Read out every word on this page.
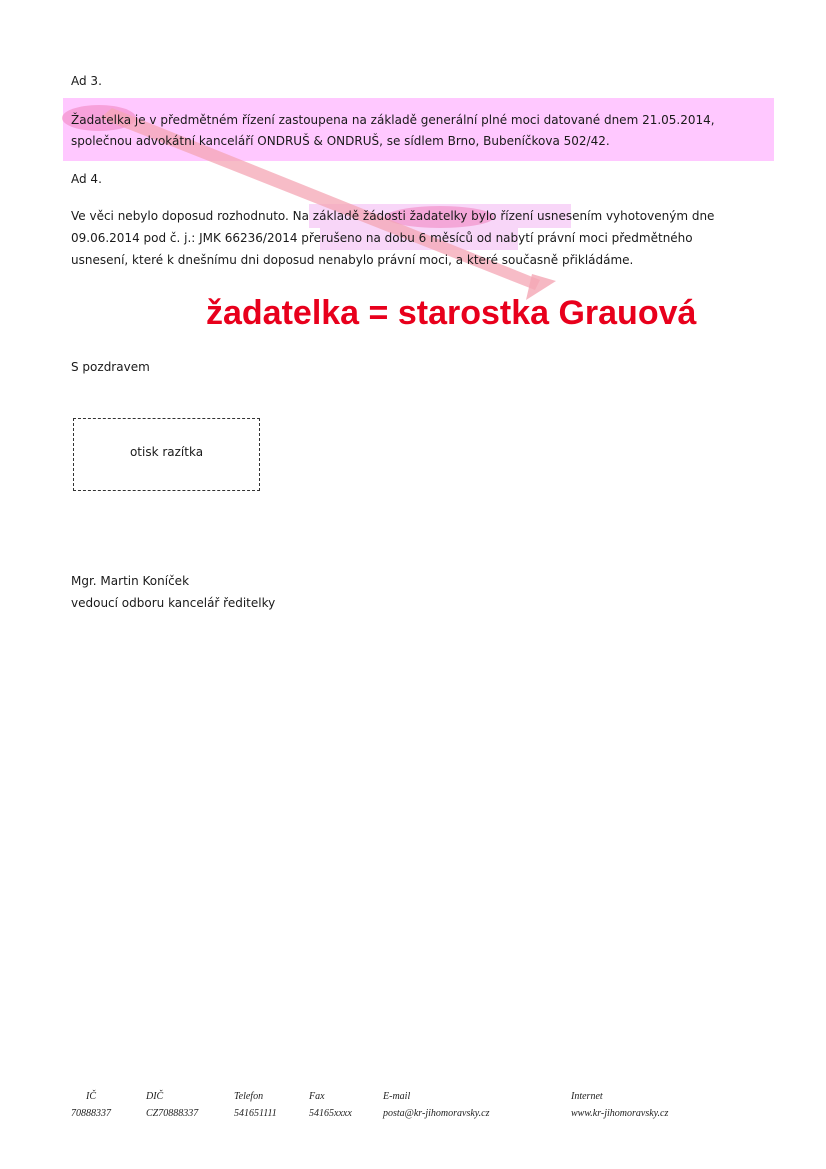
Ad 3.
Žadatelka je v předmětném řízení zastoupena na základě generální plné moci datované dnem 21.05.2014,
společnou advokátní kanceláří ONDRUŠ & ONDRUŠ, se sídlem Brno, Bubeníčkova 502/42.
Ad 4.
Ve věci nebylo doposud rozhodnuto. Na základě žádosti žadatelky bylo řízení usnesením vyhotoveným dne
09.06.2014 pod č. j.: JMK 66236/2014 přerušeno na dobu 6 měsíců od nabytí právní moci předmětného
usnesení, které k dnešnímu dni doposud nenabylo právní moci, a které současně přikládáme.
žadatelka = starostka Grauová
S pozdravem
otisk razítka
Mgr. Martin Koníček
vedoucí odboru kancelář ředitelky
IČ	DIČ	Telefon	Fax	E-mail	Internet
70888337	CZ70888337	541651111	54165xxxx	posta@kr-jihomoravsky.cz	www.kr-jihomoravsky.cz
